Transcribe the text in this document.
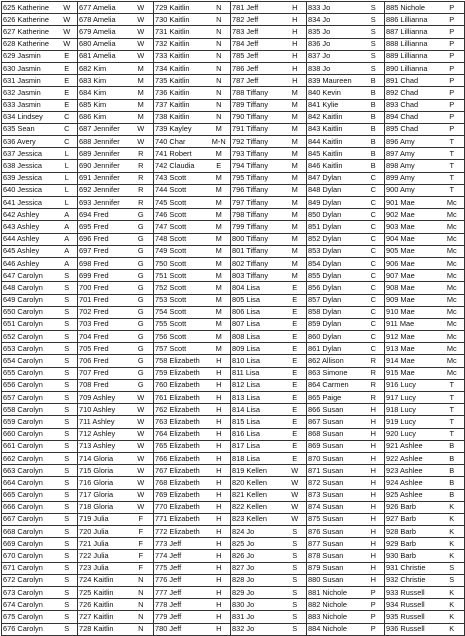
625 Katherine	W	677 Amelia	W	729 Kaitlin	N	781 Jeff	H	833 Jo	S	885 Nichole	P
626 Katherine	W	678 Amelia	W	730 Kaitlin	N	782 Jeff	H	834 Jo	S	886 Lillianna	P
627 Katherine	W	679 Amelia	W	731 Kaitlin	N	783 Jeff	H	835 Jo	S	887 Lillianna	P
628 Katherine	W	680 Amelia	W	732 Kaitlin	N	784 Jeff	H	836 Jo	S	888 Lillianna	P
629 Jasmin	E	681 Amelia	W	733 Kaitlin	N	785 Jeff	H	837 Jo	S	889 Lillianna	P
630 Jasmin	E	682 Kim	M	734 Kaitlin	N	786 Jeff	H	838 Jo	S	890 Lillianna	P
631 Jasmin	E	683 Kim	M	735 Kaitlin	N	787 Jeff	H	839 Maureen	B	891 Chad	P
632 Jasmin	E	684 Kim	M	736 Kaitlin	N	788 Tiffany	M	840 Kevin	B	892 Chad	P
633 Jasmin	E	685 Kim	M	737 Kaitlin	N	789 Tiffany	M	841 Kylie	B	893 Chad	P
634 Lindsey	C	686 Kim	M	738 Kaitlin	N	790 Tiffany	M	842 Kaitlin	B	894 Chad	P
635 Sean	C	687 Jennifer	W	739 Kayley	M	791 Tiffany	M	843 Kaitlin	B	895 Chad	P
636 Avery	C	688 Jennifer	W	740 Char	M-N	792 Tiffany	M	844 Kaitlin	B	896 Amy	T
637 Jessica	L	689 Jennifer	R	741 Robert	M	793 Tiffany	M	845 Kaitlin	B	897 Amy	T
638 Jessica	L	690 Jennifer	R	742 Claudia	E	794 Tiffany	M	846 Kaitlin	B	898 Amy	T
639 Jessica	L	691 Jennifer	R	743 Scott	M	795 Tiffany	M	847 Dylan	C	899 Amy	T
640 Jessica	L	692 Jennifer	R	744 Scott	M	796 Tiffany	M	848 Dylan	C	900 Amy	T
641 Jessica	L	693 Jennifer	R	745 Scott	M	797 Tiffany	M	849 Dylan	C	901 Mae	Mc
642 Ashley	A	694 Fred	G	746 Scott	M	798 Tiffany	M	850 Dylan	C	902 Mae	Mc
643 Ashley	A	695 Fred	G	747 Scott	M	799 Tiffany	M	851 Dylan	C	903 Mae	Mc
644 Ashley	A	696 Fred	G	748 Scott	M	800 Tiffany	M	852 Dylan	C	904 Mae	Mc
645 Ashley	A	697 Fred	G	749 Scott	M	801 Tiffany	M	853 Dylan	C	905 Mae	Mc
646 Ashley	A	698 Fred	G	750 Scott	M	802 Tiffany	M	854 Dylan	C	906 Mae	Mc
647 Carolyn	S	699 Fred	G	751 Scott	M	803 Tiffany	M	855 Dylan	C	907 Mae	Mc
648 Carolyn	S	700 Fred	G	752 Scott	M	804 Lisa	E	856 Dylan	C	908 Mae	Mc
649 Carolyn	S	701 Fred	G	753 Scott	M	805 Lisa	E	857 Dylan	C	909 Mae	Mc
650 Carolyn	S	702 Fred	G	754 Scott	M	806 Lisa	E	858 Dylan	C	910 Mae	Mc
651 Carolyn	S	703 Fred	G	755 Scott	M	807 Lisa	E	859 Dylan	C	911 Mae	Mc
652 Carolyn	S	704 Fred	G	756 Scott	M	808 Lisa	E	860 Dylan	C	912 Mae	Mc
653 Carolyn	S	705 Fred	G	757 Scott	M	809 Lisa	E	861 Dylan	C	913 Mae	Mc
654 Carolyn	S	706 Fred	G	758 Elizabeth	H	810 Lisa	E	862 Allison	R	914 Mae	Mc
655 Carolyn	S	707 Fred	G	759 Elizabeth	H	811 Lisa	E	863 Simone	R	915 Mae	Mc
656 Carolyn	S	708 Fred	G	760 Elizabeth	H	812 Lisa	E	864 Carmen	R	916 Lucy	T
657 Carolyn	S	709 Ashley	W	761 Elizabeth	H	813 Lisa	E	865 Paige	R	917 Lucy	T
658 Carolyn	S	710 Ashley	W	762 Elizabeth	H	814 Lisa	E	866 Susan	H	918 Lucy	T
659 Carolyn	S	711 Ashley	W	763 Elizabeth	H	815 Lisa	E	867 Susan	H	919 Lucy	T
660 Carolyn	S	712 Ashley	W	764 Elizabeth	H	816 Lisa	E	868 Susan	H	920 Lucy	T
661 Carolyn	S	713 Ashley	W	765 Elizabeth	H	817 Lisa	E	869 Susan	H	921 Ashlee	B
662 Carolyn	S	714 Gloria	W	766 Elizabeth	H	818 Lisa	E	870 Susan	H	922 Ashlee	B
663 Carolyn	S	715 Gloria	W	767 Elizabeth	H	819 Kellen	W	871 Susan	H	923 Ashlee	B
664 Carolyn	S	716 Gloria	W	768 Elizabeth	H	820 Kellen	W	872 Susan	H	924 Ashlee	B
665 Carolyn	S	717 Gloria	W	769 Elizabeth	H	821 Kellen	W	873 Susan	H	925 Ashlee	B
666 Carolyn	S	718 Gloria	W	770 Elizabeth	H	822 Kellen	W	874 Susan	H	926 Barb	K
667 Carolyn	S	719 Julia	F	771 Elizabeth	H	823 Kellen	W	875 Susan	H	927 Barb	K
668 Carolyn	S	720 Julia	F	772 Elizabeth	H	824 Jo	S	876 Susan	H	928 Barb	K
669 Carolyn	S	721 Julia	F	773 Jeff	H	825 Jo	S	877 Susan	H	929 Barb	K
670 Carolyn	S	722 Julia	F	774 Jeff	H	826 Jo	S	878 Susan	H	930 Barb	K
671 Carolyn	S	723 Julia	F	775 Jeff	H	827 Jo	S	879 Susan	H	931 Christie	S
672 Carolyn	S	724 Kaitlin	N	776 Jeff	H	828 Jo	S	880 Susan	H	932 Christie	S
673 Carolyn	S	725 Kaitlin	N	777 Jeff	H	829 Jo	S	881 Nichole	P	933 Russell	K
674 Carolyn	S	726 Kaitlin	N	778 Jeff	H	830 Jo	S	882 Nichole	P	934 Russell	K
675 Carolyn	S	727 Kaitlin	N	779 Jeff	H	831 Jo	S	883 Nichole	P	935 Russell	K
676 Carolyn	S	728 Kaitlin	N	780 Jeff	H	832 Jo	S	884 Nichole	P	936 Russell	K
